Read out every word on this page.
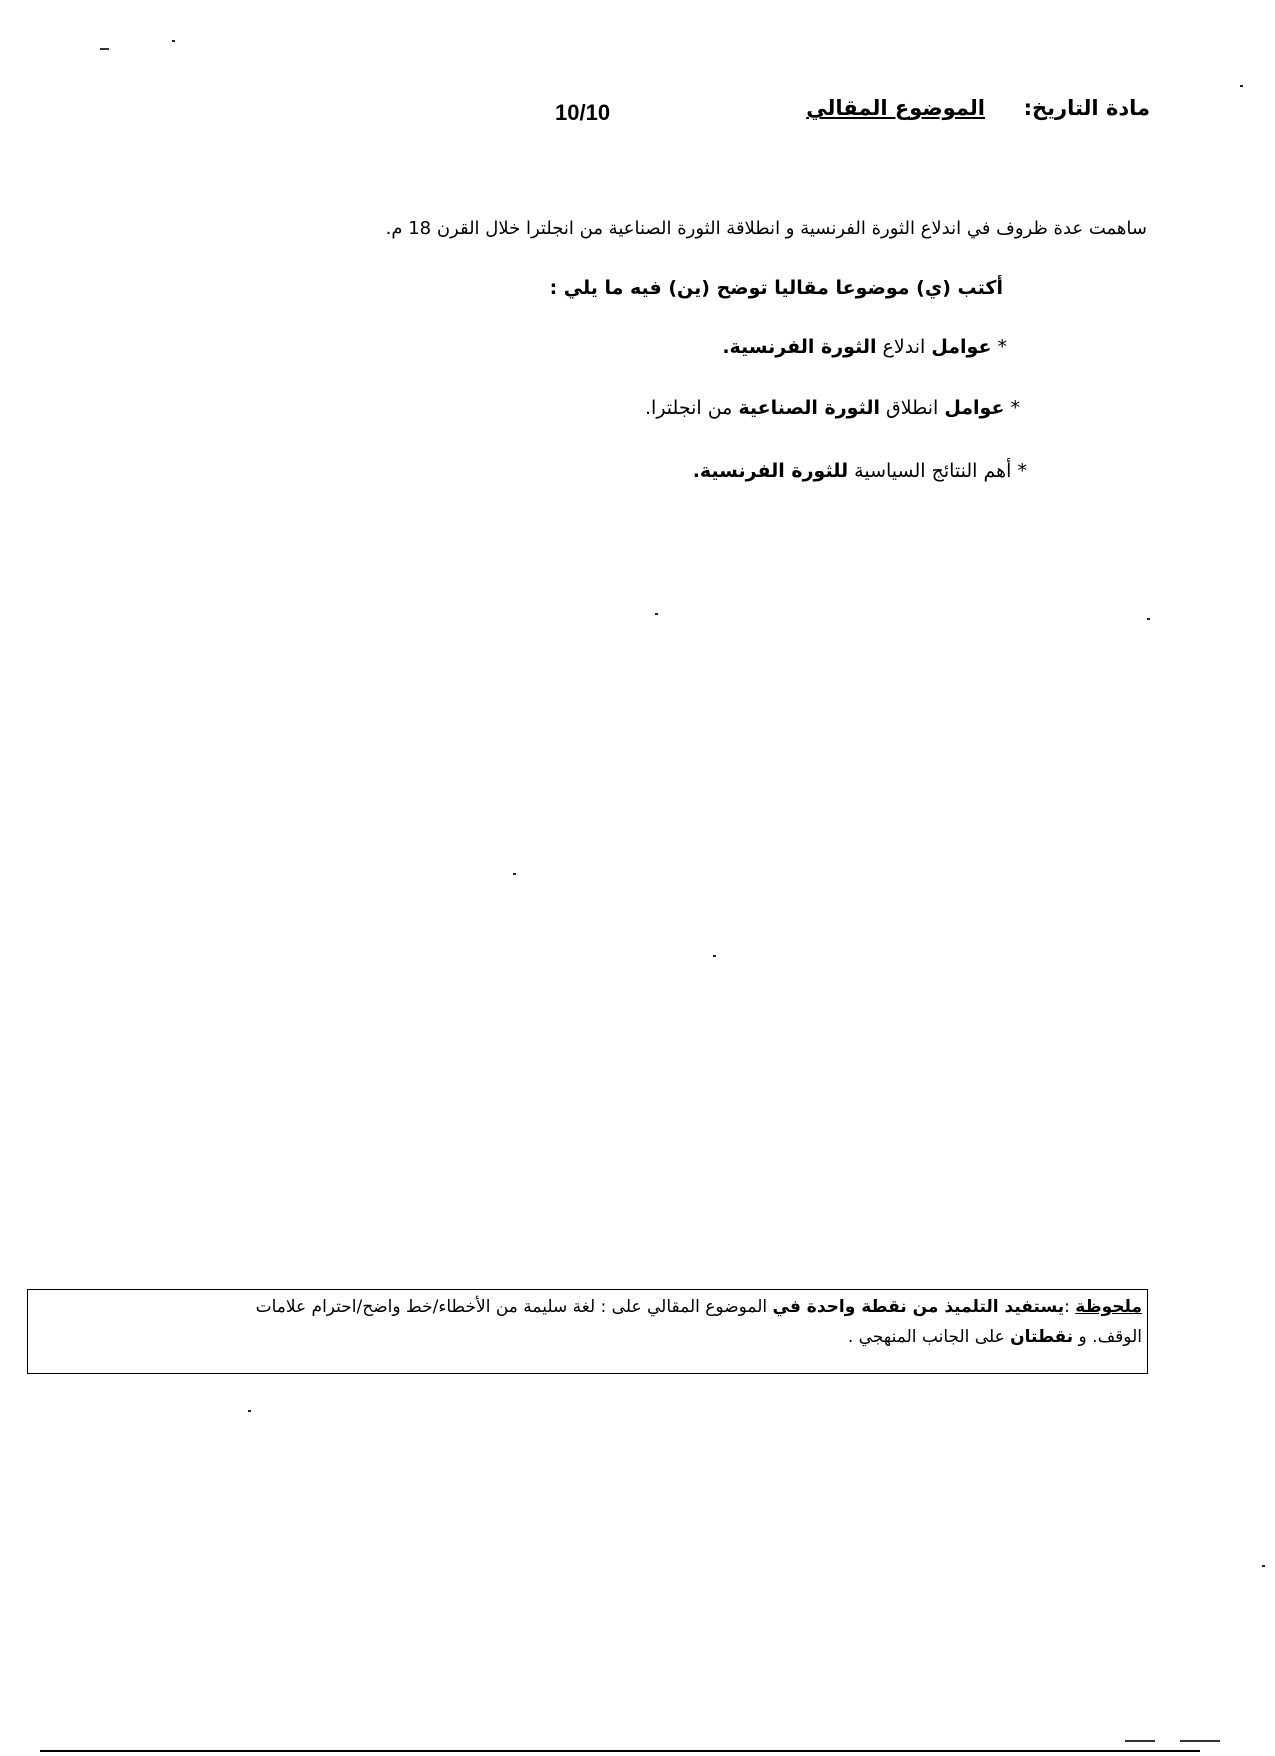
مادة التاريخ:
الموضوع المقالي
10/10
ساهمت عدة ظروف في اندلاع الثورة الفرنسية و انطلاقة الثورة الصناعية من انجلترا خلال القرن 18 م.
أكتب (ي) موضوعا مقاليا توضح (ين) فيه ما يلي :
* عوامل اندلاع الثورة الفرنسية.
* عوامل انطلاق الثورة الصناعية من انجلترا.
* أهم النتائج السياسية للثورة الفرنسية.
ملحوظة :يستفيد التلميذ من نقطة واحدة في الموضوع المقالي على : لغة سليمة من الأخطاء/خط واضح/احترام علامات
الوقف. و نقطتان على الجانب المنهجي .
